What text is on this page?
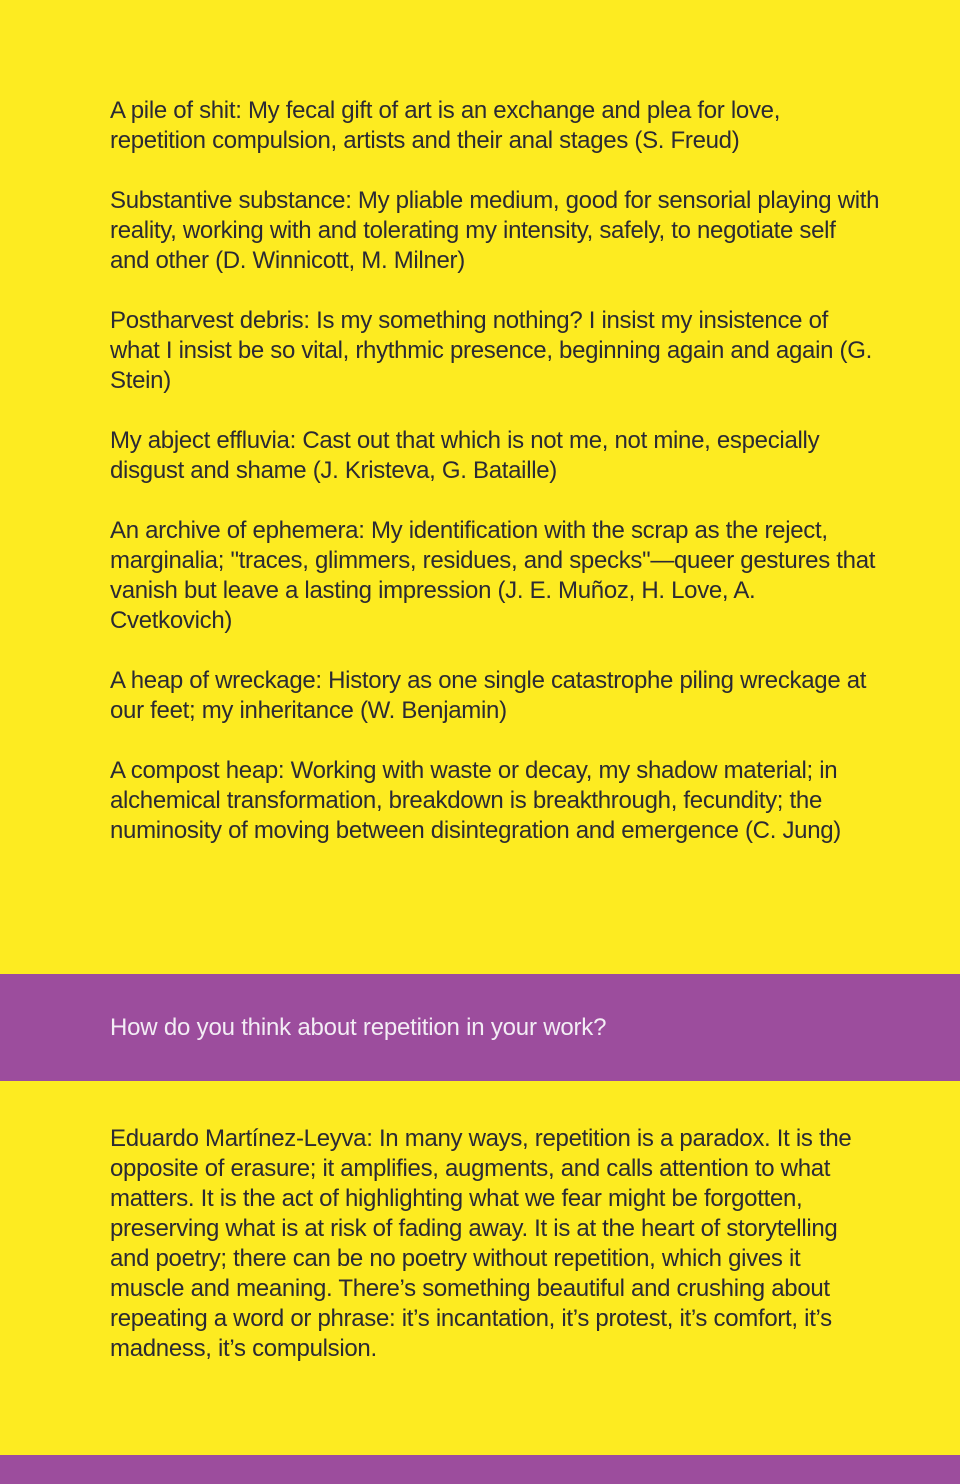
A pile of shit: My fecal gift of art is an exchange and plea for love, repetition compulsion, artists and their anal stages (S. Freud)

Substantive substance: My pliable medium, good for sensorial playing with reality, working with and tolerating my intensity, safely, to negotiate self and other (D. Winnicott, M. Milner)

Postharvest debris: Is my something nothing? I insist my insistence of what I insist be so vital, rhythmic presence, beginning again and again (G. Stein)

My abject effluvia: Cast out that which is not me, not mine, especially disgust and shame (J. Kristeva, G. Bataille)

An archive of ephemera: My identification with the scrap as the reject, marginalia; "traces, glimmers, residues, and specks"—queer gestures that vanish but leave a lasting impression (J. E. Muñoz, H. Love, A. Cvetkovich)

A heap of wreckage: History as one single catastrophe piling wreckage at our feet; my inheritance (W. Benjamin)

A compost heap: Working with waste or decay, my shadow material; in alchemical transformation, breakdown is breakthrough, fecundity; the numinosity of moving between disintegration and emergence (C. Jung)

How do you think about repetition in your work?

Eduardo Martínez-Leyva: In many ways, repetition is a paradox. It is the opposite of erasure; it amplifies, augments, and calls attention to what matters. It is the act of highlighting what we fear might be forgotten, preserving what is at risk of fading away. It is at the heart of storytelling and poetry; there can be no poetry without repetition, which gives it muscle and meaning. There’s something beautiful and crushing about repeating a word or phrase: it’s incantation, it’s protest, it’s comfort, it’s madness, it’s compulsion.
